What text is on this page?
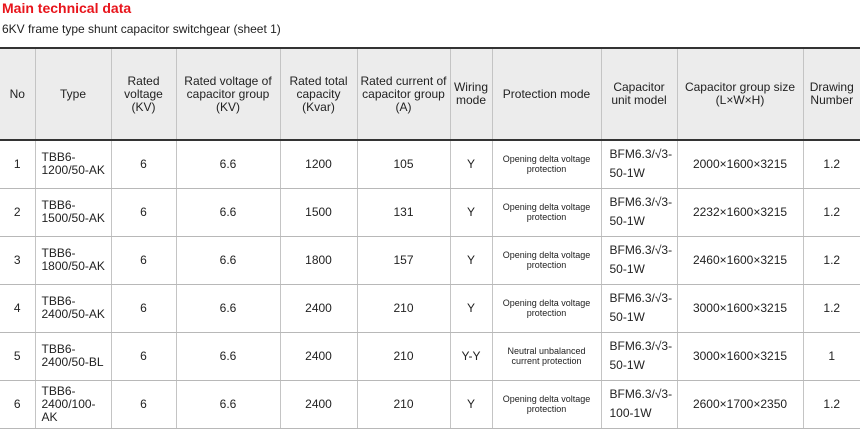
Main technical data
6KV frame type shunt capacitor switchgear (sheet 1)
No	Type	Rated voltage (KV)	Rated voltage of capacitor group (KV)	Rated total capacity (Kvar)	Rated current of capacitor group (A)	Wiring mode	Protection mode	Capacitor unit model	Capacitor group size (L×W×H)	Drawing Number
1	TBB6-1200/50-AK	6	6.6	1200	105	Y	Opening delta voltage protection	BFM6.3/√3-50-1W	2000×1600×3215	1.2
2	TBB6-1500/50-AK	6	6.6	1500	131	Y	Opening delta voltage protection	BFM6.3/√3-50-1W	2232×1600×3215	1.2
3	TBB6-1800/50-AK	6	6.6	1800	157	Y	Opening delta voltage protection	BFM6.3/√3-50-1W	2460×1600×3215	1.2
4	TBB6-2400/50-AK	6	6.6	2400	210	Y	Opening delta voltage protection	BFM6.3/√3-50-1W	3000×1600×3215	1.2
5	TBB6-2400/50-BL	6	6.6	2400	210	Y-Y	Neutral unbalanced current protection	BFM6.3/√3-50-1W	3000×1600×3215	1
6	TBB6-2400/100-AK	6	6.6	2400	210	Y	Opening delta voltage protection	BFM6.3/√3-100-1W	2600×1700×2350	1.2
